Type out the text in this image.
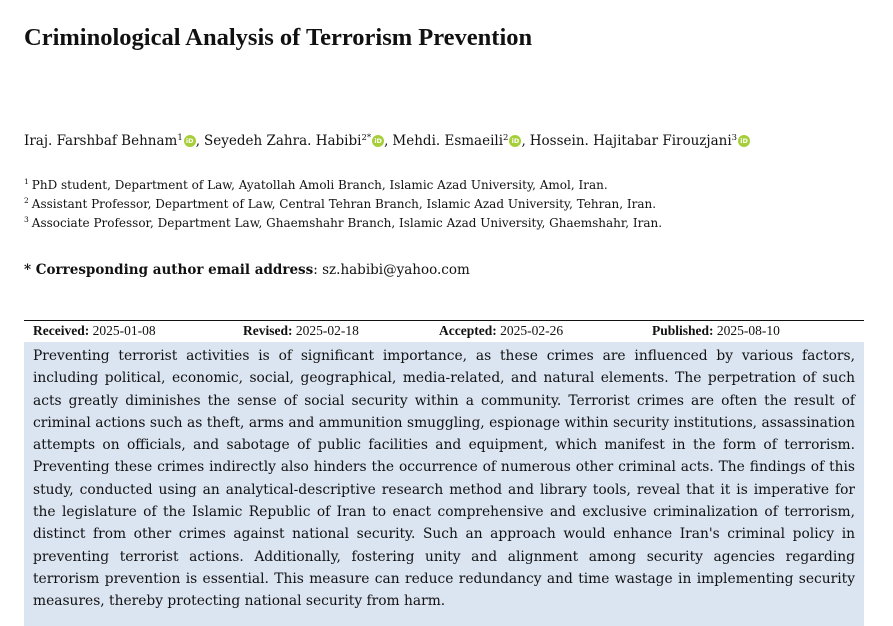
Criminological Analysis of Terrorism Prevention
Iraj. Farshbaf Behnam$^1$ iD , Seyedeh Zahra. Habibi$^{2*}$ iD , Mehdi. Esmaeili$^2$ iD , Hossein. Hajitabar Firouzjani$^3$ iD
$^1$ PhD student, Department of Law, Ayatollah Amoli Branch, Islamic Azad University, Amol, Iran.
$^2$ Assistant Professor, Department of Law, Central Tehran Branch, Islamic Azad University, Tehran, Iran.
$^3$ Associate Professor, Department Law, Ghaemshahr Branch, Islamic Azad University, Ghaemshahr, Iran.
* Corresponding author email address: sz.habibi@yahoo.com
Received: 2025-01-08	Revised: 2025-02-18	Accepted: 2025-02-26	Published: 2025-08-10

Preventing terrorist activities is of significant importance, as these crimes are influenced by various factors, including political, economic, social, geographical, media-related, and natural elements. The perpetration of such acts greatly diminishes the sense of social security within a community. Terrorist crimes are often the result of criminal actions such as theft, arms and ammunition smuggling, espionage within security institutions, assassination attempts on officials, and sabotage of public facilities and equipment, which manifest in the form of terrorism. Preventing these crimes indirectly also hinders the occurrence of numerous other criminal acts. The findings of this study, conducted using an analytical-descriptive research method and library tools, reveal that it is imperative for the legislature of the Islamic Republic of Iran to enact comprehensive and exclusive criminalization of terrorism, distinct from other crimes against national security. Such an approach would enhance Iran's criminal policy in preventing terrorist actions. Additionally, fostering unity and alignment among security agencies regarding terrorism prevention is essential. This measure can reduce redundancy and time wastage in implementing security measures, thereby protecting national security from harm.
